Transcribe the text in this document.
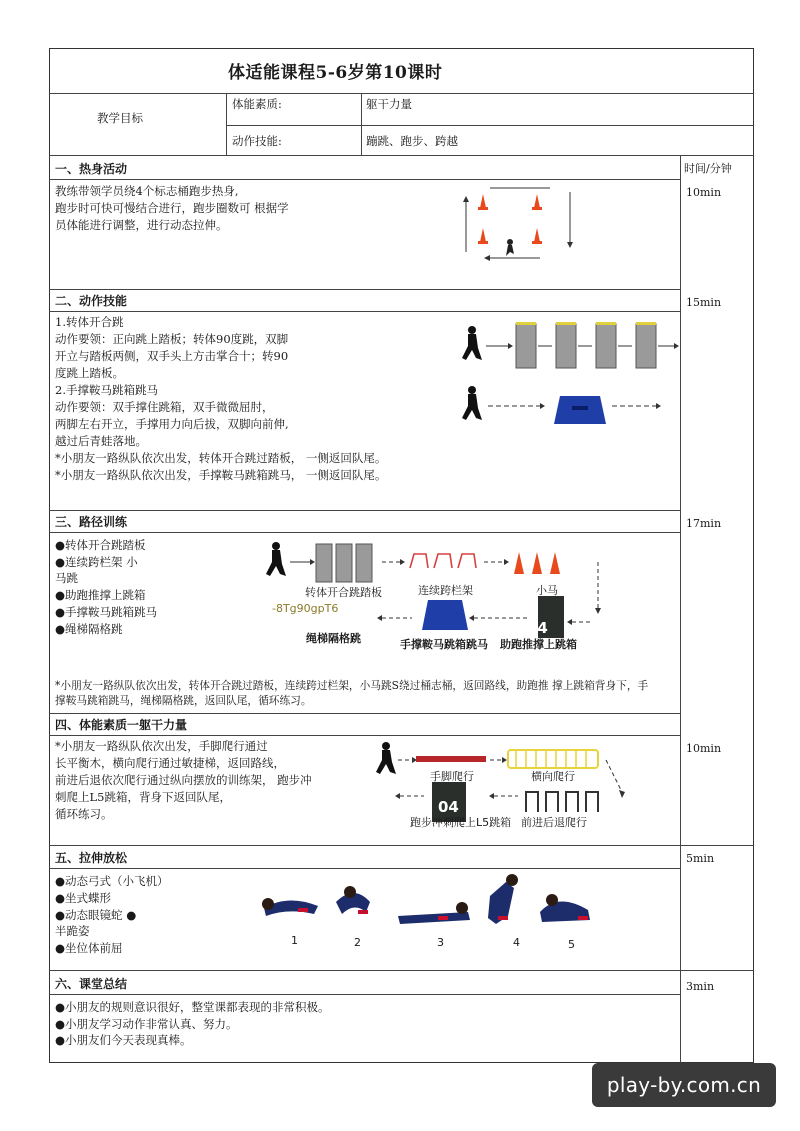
体适能课程5-6岁第10课时
教学目标
体能素质:	躯干力量
动作技能:	蹦跳、跑步、跨越
时间/分钟
一、热身活动
教练带领学员绕4个标志桶跑步热身,
跑步时可快可慢结合进行，跑步圈数可 根据学
员体能进行调整，进行动态拉伸。
10min
二、动作技能	15min
1.转体开合跳
动作要领：正向跳上踏板；转体90度跳，双脚
开立与踏板两侧，双手头上方击掌合十；转90
度跳上踏板。
2.手撑鞍马跳箱跳马
动作要领：双手撑住跳箱，双手微微屈肘，
两脚左右开立，手撑用力向后拔，双脚向前伸,
越过后青蛙落地。
*小朋友一路纵队依次出发，转体开合跳过踏板， 一侧返回队尾。
*小朋友一路纵队依次出发，手撑鞍马跳箱跳马， 一侧返回队尾。
三、路径训练	17min
●转体开合跳踏板
●连续跨栏架 小
马跳
●助跑推撑上跳箱
●手撑鞍马跳箱跳马
●绳梯隔格跳
转体开合跳踏板	连续跨栏架	小马
-8Tg90gpT6
04
绳梯隔格跳	手撑鞍马跳箱跳马 助跑推撑上跳箱
*小朋友一路纵队依次出发，转体开合跳过踏板，连续跨过栏架，小马跳S绕过桶志桶，返回路线，助跑推 撑上跳箱背身下，手
撑鞍马跳箱跳马，绳梯隔格跳，返回队尾，循环练习。
四、体能素质一躯干力量
10min
*小朋友一路纵队依次出发，手脚爬行通过
长平衡木，横向爬行通过敏捷梯，返回路线，
前进后退依次爬行通过纵向摆放的训练架， 跑步冲
刺爬上L5跳箱，背身下返回队尾，
循环练习。
手脚爬行	横向爬行
04
跑步冲刺爬上L5跳箱 前进后退爬行
五、拉伸放松	5min
●动态弓式（小飞机）
●坐式蝶形
●动态眼镜蛇 ●
半跪姿
●坐位体前屈
1	2	3	4	5
六、课堂总结	3min
●小朋友的规则意识很好，整堂课都表现的非常积极。
●小朋友学习动作非常认真、努力。
●小朋友们今天表现真棒。
play-by.com.cn
